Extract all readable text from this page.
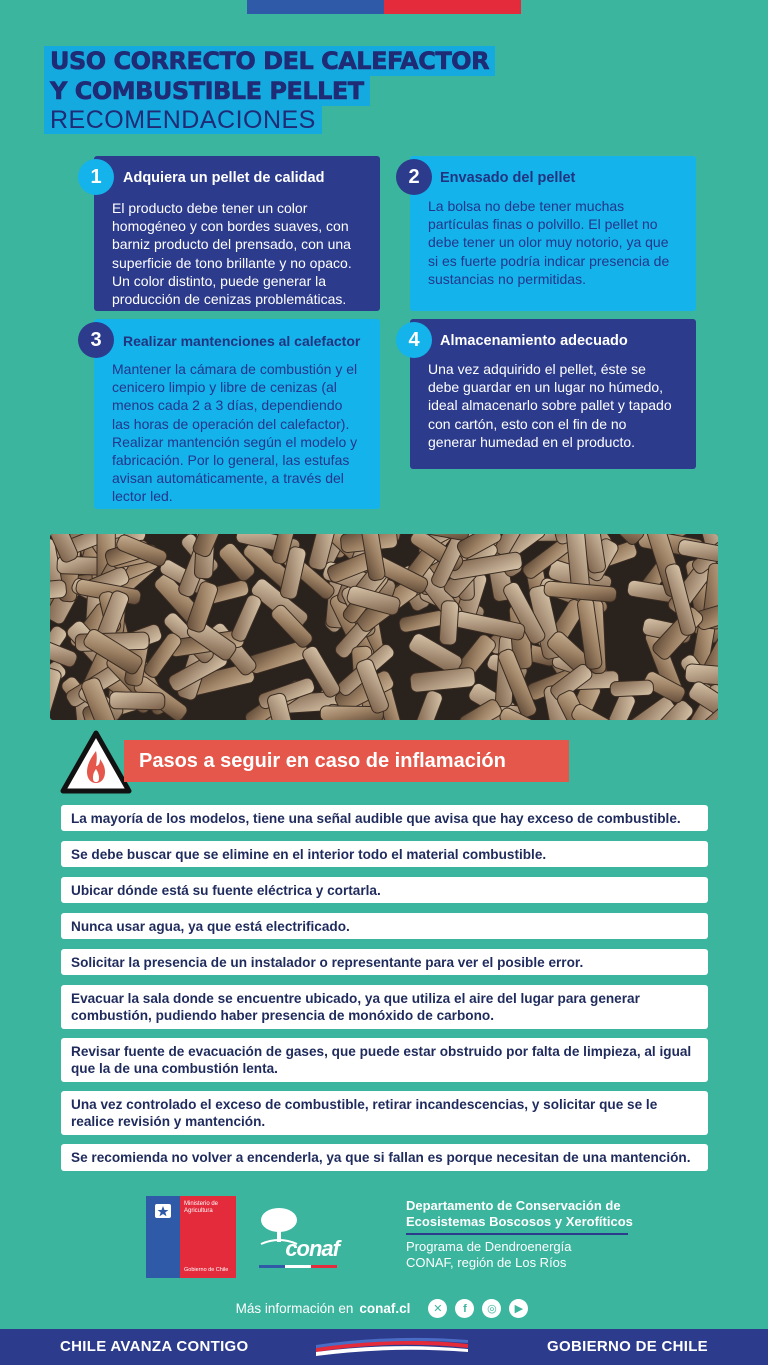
USO CORRECTO DEL CALEFACTOR
Y COMBUSTIBLE PELLET
RECOMENDACIONES
Adquiera un pellet de calidad

El producto debe tener un color homogéneo y con bordes suaves, con barniz producto del prensado, con una superficie de tono brillante y no opaco. Un color distinto, puede generar la producción de cenizas problemáticas.

1	Envasado del pellet

La bolsa no debe tener muchas partículas finas o polvillo. El pellet no debe tener un olor muy notorio, ya que si es fuerte podría indicar presencia de sustancias no permitidas.

2
Realizar mantenciones al calefactor

Mantener la cámara de combustión y el cenicero limpio y libre de cenizas (al menos cada 2 a 3 días, dependiendo las horas de operación del calefactor). Realizar mantención según el modelo y fabricación. Por lo general, las estufas avisan automáticamente, a través del lector led.

3	Almacenamiento adecuado

Una vez adquirido el pellet, éste se debe guardar en un lugar no húmedo, ideal almacenarlo sobre pallet y tapado con cartón, esto con el fin de no generar humedad en el producto.

4
Pasos a seguir en caso de inflamación
La mayoría de los modelos, tiene una señal audible que avisa que hay exceso de combustible.
Se debe buscar que se elimine en el interior todo el material combustible.
Ubicar dónde está su fuente eléctrica y cortarla.
Nunca usar agua, ya que está electrificado.
Solicitar la presencia de un instalador o representante para ver el posible error.
Evacuar la sala donde se encuentre ubicado, ya que utiliza el aire del lugar para generar combustión, pudiendo haber presencia de monóxido de carbono.
Revisar fuente de evacuación de gases, que puede estar obstruido por falta de limpieza, al igual que la de una combustión lenta.
Una vez controlado el exceso de combustible, retirar incandescencias, y solicitar que se le realice revisión y mantención.
Se recomienda no volver a encenderla, ya que si fallan es porque necesitan de una mantención.
Ministerio de
Agricultura
Gobierno de Chile
conaf
Departamento de Conservación de
Ecosistemas Boscosos y Xerofíticos
Programa de Dendroenergía
CONAF, región de Los Ríos
Más información en conaf.cl	✕	f	◎	▶
CHILE AVANZA CONTIGO	GOBIERNO DE CHILE
